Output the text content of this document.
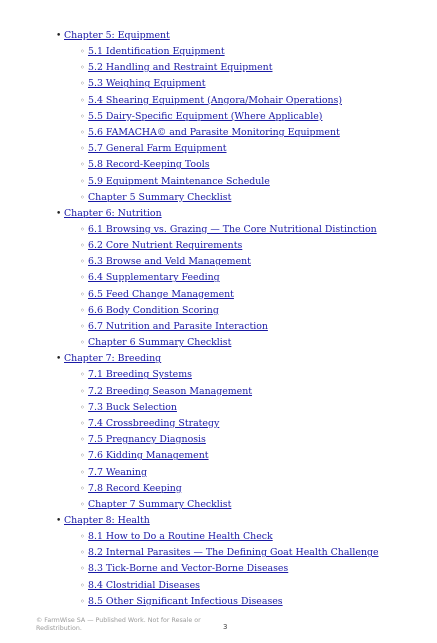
• Chapter 5: Equipment
◦ 5.1 Identification Equipment
◦ 5.2 Handling and Restraint Equipment
◦ 5.3 Weighing Equipment
◦ 5.4 Shearing Equipment (Angora/Mohair Operations)
◦ 5.5 Dairy-Specific Equipment (Where Applicable)
◦ 5.6 FAMACHA© and Parasite Monitoring Equipment
◦ 5.7 General Farm Equipment
◦ 5.8 Record-Keeping Tools
◦ 5.9 Equipment Maintenance Schedule
◦ Chapter 5 Summary Checklist
• Chapter 6: Nutrition
◦ 6.1 Browsing vs. Grazing — The Core Nutritional Distinction
◦ 6.2 Core Nutrient Requirements
◦ 6.3 Browse and Veld Management
◦ 6.4 Supplementary Feeding
◦ 6.5 Feed Change Management
◦ 6.6 Body Condition Scoring
◦ 6.7 Nutrition and Parasite Interaction
◦ Chapter 6 Summary Checklist
• Chapter 7: Breeding
◦ 7.1 Breeding Systems
◦ 7.2 Breeding Season Management
◦ 7.3 Buck Selection
◦ 7.4 Crossbreeding Strategy
◦ 7.5 Pregnancy Diagnosis
◦ 7.6 Kidding Management
◦ 7.7 Weaning
◦ 7.8 Record Keeping
◦ Chapter 7 Summary Checklist
• Chapter 8: Health
◦ 8.1 How to Do a Routine Health Check
◦ 8.2 Internal Parasites — The Defining Goat Health Challenge
◦ 8.3 Tick-Borne and Vector-Borne Diseases
◦ 8.4 Clostridial Diseases
◦ 8.5 Other Significant Infectious Diseases
© FarmWise SA — Published Work. Not for Resale or
Redistribution.	3
